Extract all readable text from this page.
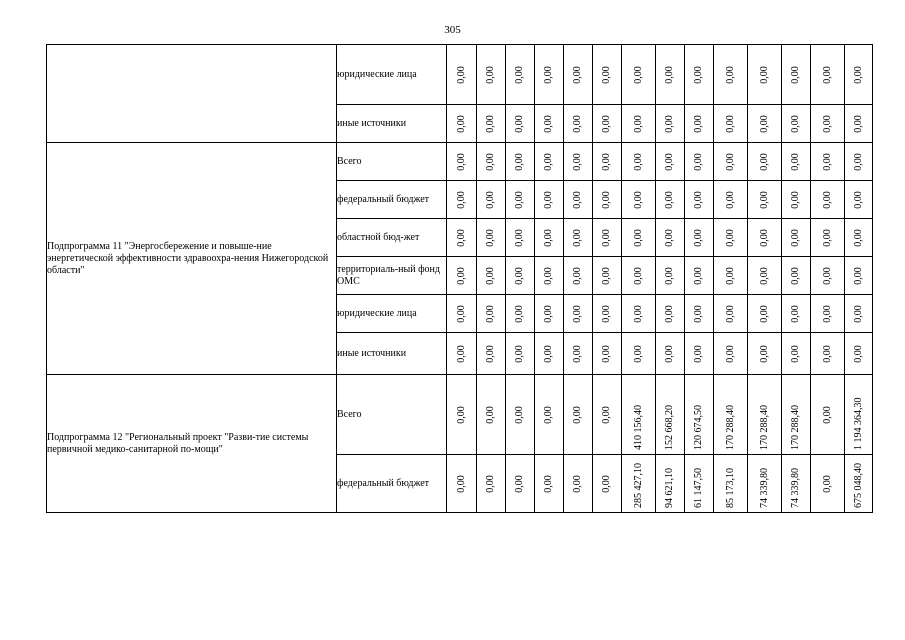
305
	юридические лица	0,00	0,00	0,00	0,00	0,00	0,00	0,00	0,00	0,00	0,00	0,00	0,00	0,00	0,00

	иные источники	0,00	0,00	0,00	0,00	0,00	0,00	0,00	0,00	0,00	0,00	0,00	0,00	0,00	0,00

Подпрограмма 11 "Энергосбережение и повыше-ние энергетической эффективности здравоохра-нения Нижегородской области"	Всего	0,00	0,00	0,00	0,00	0,00	0,00	0,00	0,00	0,00	0,00	0,00	0,00	0,00	0,00

	федеральный бюджет	0,00	0,00	0,00	0,00	0,00	0,00	0,00	0,00	0,00	0,00	0,00	0,00	0,00	0,00

	областной бюд-жет	0,00	0,00	0,00	0,00	0,00	0,00	0,00	0,00	0,00	0,00	0,00	0,00	0,00	0,00

	территориаль-ный фонд ОМС	0,00	0,00	0,00	0,00	0,00	0,00	0,00	0,00	0,00	0,00	0,00	0,00	0,00	0,00

	юридические лица	0,00	0,00	0,00	0,00	0,00	0,00	0,00	0,00	0,00	0,00	0,00	0,00	0,00	0,00

	иные источники	0,00	0,00	0,00	0,00	0,00	0,00	0,00	0,00	0,00	0,00	0,00	0,00	0,00	0,00

Подпрограмма 12 "Региональный проект "Разви-тие системы первичной медико-санитарной по-мощи"	Всего	0,00	0,00	0,00	0,00	0,00	0,00	410 156,40	152 668,20	120 674,50	170 288,40	170 288,40	170 288,40	0,00	1 194 364,30

	федеральный бюджет	0,00	0,00	0,00	0,00	0,00	0,00	285 427,10	94 621,10	61 147,50	85 173,10	74 339,80	74 339,80	0,00	675 048,40
